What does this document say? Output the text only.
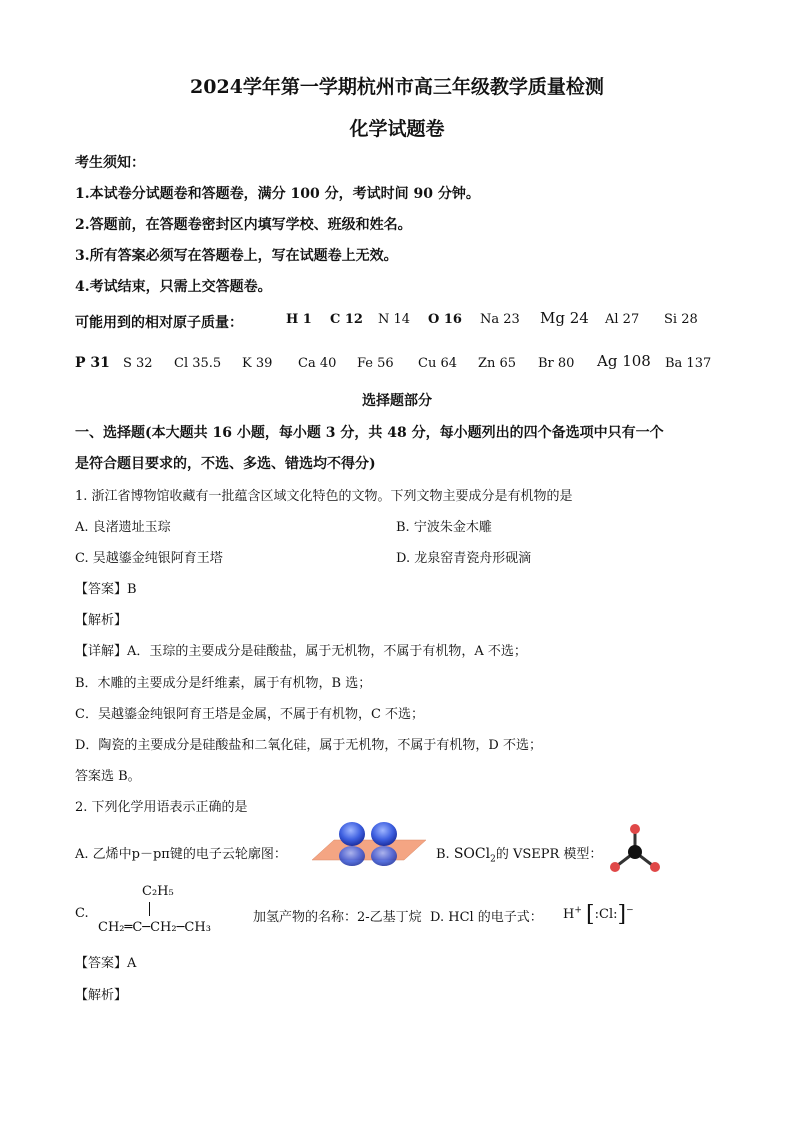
2024学年第一学期杭州市高三年级教学质量检测
化学试题卷
考生须知：
1.本试卷分试题卷和答题卷，满分 100 分，考试时间 90 分钟。
2.答题前，在答题卷密封区内填写学校、班级和姓名。
3.所有答案必须写在答题卷上，写在试题卷上无效。
4.考试结束，只需上交答题卷。
可能用到的相对原子质量：	H 1 C 12 N 14 O 16 Na 23 Mg 24 Al 27 Si 28
P 31 S 32 Cl 35.5 K 39 Ca 40 Fe 56 Cu 64 Zn 65 Br 80 Ag 108 Ba 137
选择题部分
一、选择题(本大题共 16 小题，每小题 3 分，共 48 分，每小题列出的四个备选项中只有一个
是符合题目要求的，不选、多选、错选均不得分)
1. 浙江省博物馆收藏有一批蕴含区域文化特色的文物。下列文物主要成分是有机物的是
A. 良渚遗址玉琮	B. 宁波朱金木雕
C. 吴越鎏金纯银阿育王塔	D. 龙泉窑青瓷舟形砚滴
【答案】B
【解析】
【详解】A．玉琮的主要成分是硅酸盐，属于无机物，不属于有机物，A 不选；
B．木雕的主要成分是纤维素，属于有机物，B 选；
C．吴越鎏金纯银阿育王塔是金属，不属于有机物，C 不选；
D．陶瓷的主要成分是硅酸盐和二氧化硅，属于无机物，不属于有机物，D 不选；
答案选 B。
2. 下列化学用语表示正确的是
A. 乙烯中p－pπ键的电子云轮廓图：	B. SOCl$_2$的 VSEPR 模型：
C.
C₂H₅
CH₂═C─CH₂─CH₃
加氢产物的名称：2-乙基丁烷 D. HCl 的电子式： H+ [:Cl:]−
【答案】A
【解析】
